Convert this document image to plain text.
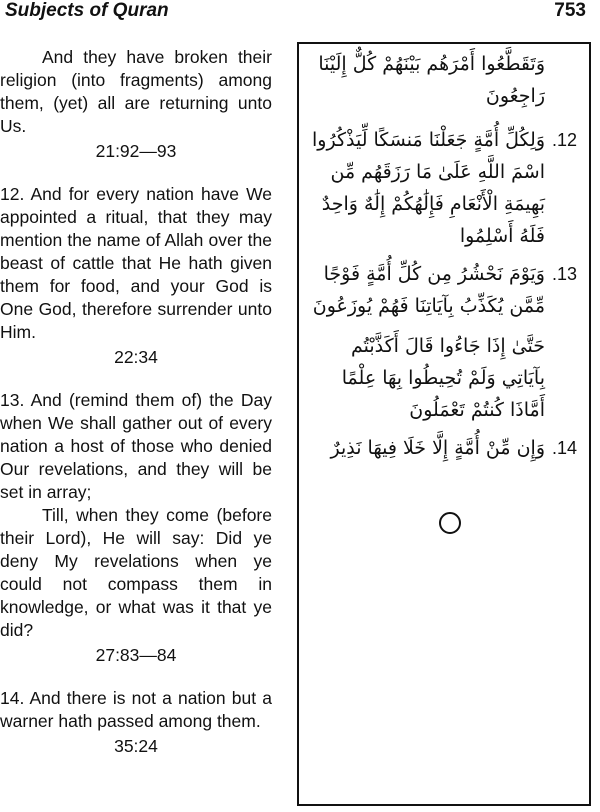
Subjects of Quran	753

And they have broken their religion (into fragments) among them, (yet) all are returning unto Us.

21:92—93

12. And for every nation have We appointed a ritual, that they may mention the name of Allah over the beast of cattle that He hath given them for food, and your God is One God, therefore surrender unto Him.

22:34

13. And (remind them of) the Day when We shall gather out of every nation a host of those who denied Our revelations, and they will be set in array;

Till, when they come (before their Lord), He will say: Did ye deny My revelations when ye could not compass them in knowledge, or what was it that ye did?

27:83—84

14. And there is not a nation but a warner hath passed among them.

35:24

وَتَقَطَّعُوا أَمْرَهُم بَيْنَهُمْ كُلٌّ إِلَيْنَا رَاجِعُونَ
.12
وَلِكُلِّ أُمَّةٍ جَعَلْنَا مَنسَكًا لِّيَذْكُرُوا اسْمَ اللَّهِ عَلَىٰ مَا رَزَقَهُم مِّن بَهِيمَةِ الْأَنْعَامِ فَإِلَٰهُكُمْ إِلَٰهٌ وَاحِدٌ فَلَهُ أَسْلِمُوا
.13
وَيَوْمَ نَحْشُرُ مِن كُلِّ أُمَّةٍ فَوْجًا مِّمَّن يُكَذِّبُ بِآيَاتِنَا فَهُمْ يُوزَعُونَ
حَتَّىٰ إِذَا جَاءُوا قَالَ أَكَذَّبْتُم بِآيَاتِي وَلَمْ تُحِيطُوا بِهَا عِلْمًا أَمَّاذَا كُنتُمْ تَعْمَلُونَ
.14
وَإِن مِّنْ أُمَّةٍ إِلَّا خَلَا فِيهَا نَذِيرٌ
